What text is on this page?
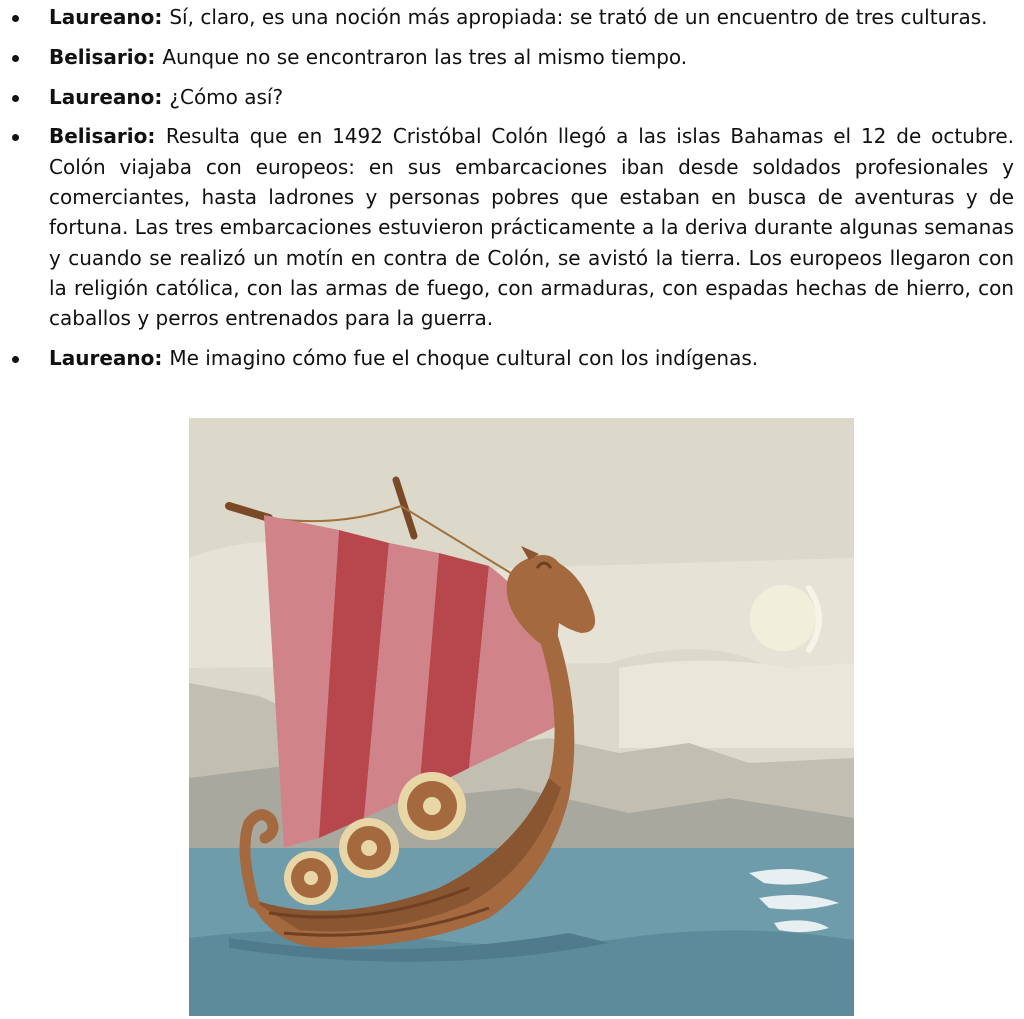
Laureano: Sí, claro, es una noción más apropiada: se trató de un encuentro de tres culturas.
Belisario: Aunque no se encontraron las tres al mismo tiempo.
Laureano: ¿Cómo así?
Belisario: Resulta que en 1492 Cristóbal Colón llegó a las islas Bahamas el 12 de octubre. Colón viajaba con europeos: en sus embarcaciones iban desde soldados profesionales y comerciantes, hasta ladrones y personas pobres que estaban en busca de aventuras y de fortuna. Las tres embarcaciones estuvieron prácticamente a la deriva durante algunas semanas y cuando se realizó un motín en contra de Colón, se avistó la tierra. Los europeos llegaron con la religión católica, con las armas de fuego, con armaduras, con espadas hechas de hierro, con caballos y perros entrenados para la guerra.
Laureano: Me imagino cómo fue el choque cultural con los indígenas.
